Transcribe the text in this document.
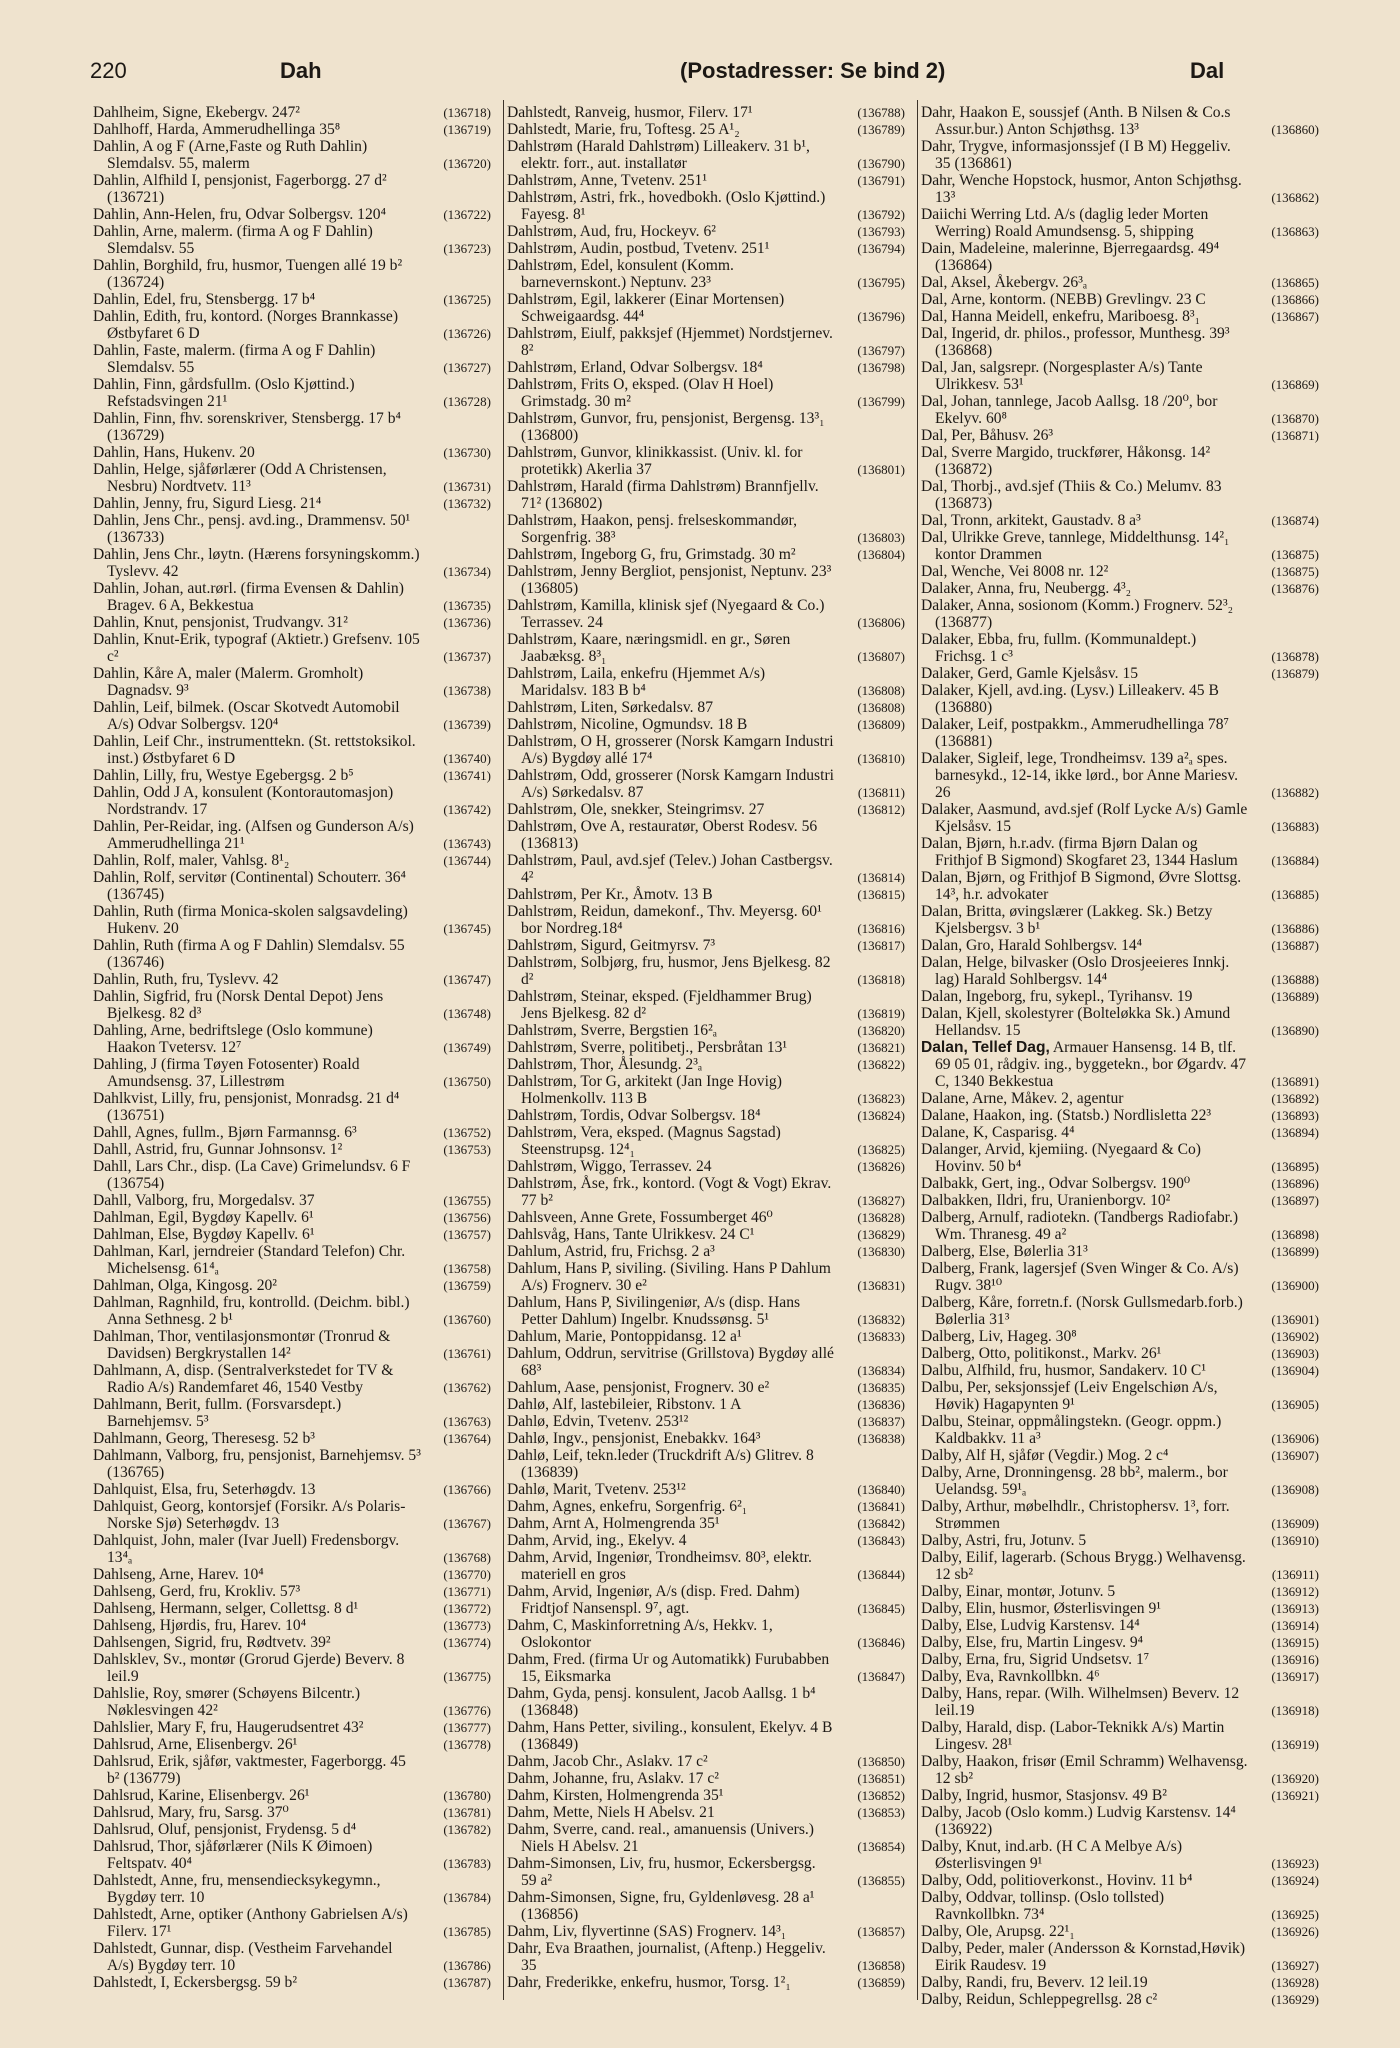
220	Dah	(Postadresser: Se bind 2)	Dal
Dahlheim, Signe, Ekebergv. 247²	(136718)
Dahlhoff, Harda, Ammerudhellinga 35⁸	(136719)
Dahlin, A og F (Arne,Faste og Ruth Dahlin) Slemdalsv. 55, malerm	(136720)
Dahlin, Alfhild I, pensjonist, Fagerborgg. 27 d² (136721)
Dahlin, Ann-Helen, fru, Odvar Solbergsv. 120⁴	(136722)
Dahlin, Arne, malerm. (firma A og F Dahlin) Slemdalsv. 55	(136723)
Dahlin, Borghild, fru, husmor, Tuengen allé 19 b² (136724)
Dahlin, Edel, fru, Stensbergg. 17 b⁴	(136725)
Dahlin, Edith, fru, kontord. (Norges Brannkasse) Østbyfaret 6 D	(136726)
Dahlin, Faste, malerm. (firma A og F Dahlin) Slemdalsv. 55	(136727)
Dahlin, Finn, gårdsfullm. (Oslo Kjøttind.) Refstadsvingen 21¹	(136728)
Dahlin, Finn, fhv. sorenskriver, Stensbergg. 17 b⁴ (136729)
Dahlin, Hans, Hukenv. 20	(136730)
Dahlin, Helge, sjåførlærer (Odd A Christensen, Nesbru) Nordtvetv. 11³	(136731)
Dahlin, Jenny, fru, Sigurd Liesg. 21⁴	(136732)
Dahlin, Jens Chr., pensj. avd.ing., Drammensv. 50¹ (136733)
Dahlin, Jens Chr., løytn. (Hærens forsyningskomm.) Tyslevv. 42	(136734)
Dahlin, Johan, aut.rørl. (firma Evensen & Dahlin) Bragev. 6 A, Bekkestua	(136735)
Dahlin, Knut, pensjonist, Trudvangv. 31²	(136736)
Dahlin, Knut-Erik, typograf (Aktietr.) Grefsenv. 105 c²	(136737)
Dahlin, Kåre A, maler (Malerm. Gromholt) Dagnadsv. 9³	(136738)
Dahlin, Leif, bilmek. (Oscar Skotvedt Automobil A/s) Odvar Solbergsv. 120⁴	(136739)
Dahlin, Leif Chr., instrumenttekn. (St. rettstoksikol. inst.) Østbyfaret 6 D	(136740)
Dahlin, Lilly, fru, Westye Egebergsg. 2 b⁵	(136741)
Dahlin, Odd J A, konsulent (Kontorautomasjon) Nordstrandv. 17	(136742)
Dahlin, Per-Reidar, ing. (Alfsen og Gunderson A/s) Ammerudhellinga 21¹	(136743)
Dahlin, Rolf, maler, Vahlsg. 8¹₂	(136744)
Dahlin, Rolf, servitør (Continental) Schouterr. 36⁴ (136745)
Dahlin, Ruth (firma Monica-skolen salgsavdeling) Hukenv. 20	(136745)
Dahlin, Ruth (firma A og F Dahlin) Slemdalsv. 55 (136746)
Dahlin, Ruth, fru, Tyslevv. 42	(136747)
Dahlin, Sigfrid, fru (Norsk Dental Depot) Jens Bjelkesg. 82 d³	(136748)
Dahling, Arne, bedriftslege (Oslo kommune) Haakon Tvetersv. 12⁷	(136749)
Dahling, J (firma Tøyen Fotosenter) Roald Amundsensg. 37, Lillestrøm	(136750)
Dahlkvist, Lilly, fru, pensjonist, Monradsg. 21 d⁴ (136751)
Dahll, Agnes, fullm., Bjørn Farmannsg. 6³	(136752)
Dahll, Astrid, fru, Gunnar Johnsonsv. 1²	(136753)
Dahll, Lars Chr., disp. (La Cave) Grimelundsv. 6 F (136754)
Dahll, Valborg, fru, Morgedalsv. 37	(136755)
Dahlman, Egil, Bygdøy Kapellv. 6¹	(136756)
Dahlman, Else, Bygdøy Kapellv. 6¹	(136757)
Dahlman, Karl, jerndreier (Standard Telefon) Chr. Michelsensg. 61⁴ₐ	(136758)
Dahlman, Olga, Kingosg. 20²	(136759)
Dahlman, Ragnhild, fru, kontrolld. (Deichm. bibl.) Anna Sethnesg. 2 b¹	(136760)
Dahlman, Thor, ventilasjonsmontør (Tronrud & Davidsen) Bergkrystallen 14²	(136761)
Dahlmann, A, disp. (Sentralverkstedet for TV & Radio A/s) Randemfaret 46, 1540 Vestby	(136762)
Dahlmann, Berit, fullm. (Forsvarsdept.) Barnehjemsv. 5³	(136763)
Dahlmann, Georg, Theresesg. 52 b³	(136764)
Dahlmann, Valborg, fru, pensjonist, Barnehjemsv. 5³ (136765)
Dahlquist, Elsa, fru, Seterhøgdv. 13	(136766)
Dahlquist, Georg, kontorsjef (Forsikr. A/s Polaris-Norske Sjø) Seterhøgdv. 13	(136767)
Dahlquist, John, maler (Ivar Juell) Fredensborgv. 13⁴ₐ	(136768)
Dahlseng, Arne, Harev. 10⁴	(136770)
Dahlseng, Gerd, fru, Krokliv. 57³	(136771)
Dahlseng, Hermann, selger, Collettsg. 8 d¹	(136772)
Dahlseng, Hjørdis, fru, Harev. 10⁴	(136773)
Dahlsengen, Sigrid, fru, Rødtvetv. 39²	(136774)
Dahlsklev, Sv., montør (Grorud Gjerde) Beverv. 8 leil.9	(136775)
Dahlslie, Roy, smører (Schøyens Bilcentr.) Nøklesvingen 42²	(136776)
Dahlslier, Mary F, fru, Haugerudsentret 43²	(136777)
Dahlsrud, Arne, Elisenbergv. 26¹	(136778)
Dahlsrud, Erik, sjåfør, vaktmester, Fagerborgg. 45 b² (136779)
Dahlsrud, Karine, Elisenbergv. 26¹	(136780)
Dahlsrud, Mary, fru, Sarsg. 37⁰	(136781)
Dahlsrud, Oluf, pensjonist, Frydensg. 5 d⁴	(136782)
Dahlsrud, Thor, sjåførlærer (Nils K Øimoen) Feltspatv. 40⁴	(136783)
Dahlstedt, Anne, fru, mensendiecksykegymn., Bygdøy terr. 10	(136784)
Dahlstedt, Arne, optiker (Anthony Gabrielsen A/s) Filerv. 17¹	(136785)
Dahlstedt, Gunnar, disp. (Vestheim Farvehandel A/s) Bygdøy terr. 10	(136786)
Dahlstedt, I, Eckersbergsg. 59 b²	(136787)
Dahlstedt, Ranveig, husmor, Filerv. 17¹	(136788)
Dahlstedt, Marie, fru, Toftesg. 25 A¹₂	(136789)
Dahlstrøm (Harald Dahlstrøm) Lilleakerv. 31 b¹, elektr. forr., aut. installatør	(136790)
Dahlstrøm, Anne, Tvetenv. 251¹	(136791)
Dahlstrøm, Astri, frk., hovedbokh. (Oslo Kjøttind.) Fayesg. 8¹	(136792)
Dahlstrøm, Aud, fru, Hockeyv. 6²	(136793)
Dahlstrøm, Audin, postbud, Tvetenv. 251¹	(136794)
Dahlstrøm, Edel, konsulent (Komm. barnevernskont.) Neptunv. 23³	(136795)
Dahlstrøm, Egil, lakkerer (Einar Mortensen) Schweigaardsg. 44⁴	(136796)
Dahlstrøm, Eiulf, pakksjef (Hjemmet) Nordstjernev. 8²	(136797)
Dahlstrøm, Erland, Odvar Solbergsv. 18⁴	(136798)
Dahlstrøm, Frits O, eksped. (Olav H Hoel) Grimstadg. 30 m²	(136799)
Dahlstrøm, Gunvor, fru, pensjonist, Bergensg. 13³₁ (136800)
Dahlstrøm, Gunvor, klinikkassist. (Univ. kl. for protetikk) Akerlia 37	(136801)
Dahlstrøm, Harald (firma Dahlstrøm) Brannfjellv. 71² (136802)
Dahlstrøm, Haakon, pensj. frelseskommandør, Sorgenfrig. 38³	(136803)
Dahlstrøm, Ingeborg G, fru, Grimstadg. 30 m²	(136804)
Dahlstrøm, Jenny Bergliot, pensjonist, Neptunv. 23³ (136805)
Dahlstrøm, Kamilla, klinisk sjef (Nyegaard & Co.) Terrassev. 24	(136806)
Dahlstrøm, Kaare, næringsmidl. en gr., Søren Jaabæksg. 8³₁	(136807)
Dahlstrøm, Laila, enkefru (Hjemmet A/s) Maridalsv. 183 B b⁴	(136808)
Dahlstrøm, Liten, Sørkedalsv. 87	(136808)
Dahlstrøm, Nicoline, Ogmundsv. 18 B	(136809)
Dahlstrøm, O H, grosserer (Norsk Kamgarn Industri A/s) Bygdøy allé 17⁴	(136810)
Dahlstrøm, Odd, grosserer (Norsk Kamgarn Industri A/s) Sørkedalsv. 87	(136811)
Dahlstrøm, Ole, snekker, Steingrimsv. 27	(136812)
Dahlstrøm, Ove A, restauratør, Oberst Rodesv. 56 (136813)
Dahlstrøm, Paul, avd.sjef (Telev.) Johan Castbergsv. 4²	(136814)
Dahlstrøm, Per Kr., Åmotv. 13 B	(136815)
Dahlstrøm, Reidun, damekonf., Thv. Meyersg. 60¹ bor Nordreg.18⁴	(136816)
Dahlstrøm, Sigurd, Geitmyrsv. 7³	(136817)
Dahlstrøm, Solbjørg, fru, husmor, Jens Bjelkesg. 82 d²	(136818)
Dahlstrøm, Steinar, eksped. (Fjeldhammer Brug) Jens Bjelkesg. 82 d²	(136819)
Dahlstrøm, Sverre, Bergstien 16²ₐ	(136820)
Dahlstrøm, Sverre, politibetj., Persbråtan 13¹	(136821)
Dahlstrøm, Thor, Ålesundg. 2³ₐ	(136822)
Dahlstrøm, Tor G, arkitekt (Jan Inge Hovig) Holmenkollv. 113 B	(136823)
Dahlstrøm, Tordis, Odvar Solbergsv. 18⁴	(136824)
Dahlstrøm, Vera, eksped. (Magnus Sagstad) Steenstrupsg. 12⁴₁	(136825)
Dahlstrøm, Wiggo, Terrassev. 24	(136826)
Dahlstrøm, Åse, frk., kontord. (Vogt & Vogt) Ekrav. 77 b²	(136827)
Dahlsveen, Anne Grete, Fossumberget 46⁰	(136828)
Dahlsvåg, Hans, Tante Ulrikkesv. 24 C¹	(136829)
Dahlum, Astrid, fru, Frichsg. 2 a³	(136830)
Dahlum, Hans P, siviling. (Siviling. Hans P Dahlum A/s) Frognerv. 30 e²	(136831)
Dahlum, Hans P, Sivilingeniør, A/s (disp. Hans Petter Dahlum) Ingelbr. Knudssønsg. 5¹	(136832)
Dahlum, Marie, Pontoppidansg. 12 a¹	(136833)
Dahlum, Oddrun, servitrise (Grillstova) Bygdøy allé 68³	(136834)
Dahlum, Aase, pensjonist, Frognerv. 30 e²	(136835)
Dahlø, Alf, lastebileier, Ribstonv. 1 A	(136836)
Dahlø, Edvin, Tvetenv. 253¹²	(136837)
Dahlø, Ingv., pensjonist, Enebakkv. 164³	(136838)
Dahlø, Leif, tekn.leder (Truckdrift A/s) Glitrev. 8 (136839)
Dahlø, Marit, Tvetenv. 253¹²	(136840)
Dahm, Agnes, enkefru, Sorgenfrig. 6²₁	(136841)
Dahm, Arnt A, Holmengrenda 35¹	(136842)
Dahm, Arvid, ing., Ekelyv. 4	(136843)
Dahm, Arvid, Ingeniør, Trondheimsv. 80³, elektr. materiell en gros	(136844)
Dahm, Arvid, Ingeniør, A/s (disp. Fred. Dahm) Fridtjof Nansenspl. 9⁷, agt.	(136845)
Dahm, C, Maskinforretning A/s, Hekkv. 1, Oslokontor	(136846)
Dahm, Fred. (firma Ur og Automatikk) Furubabben 15, Eiksmarka	(136847)
Dahm, Gyda, pensj. konsulent, Jacob Aallsg. 1 b⁴ (136848)
Dahm, Hans Petter, siviling., konsulent, Ekelyv. 4 B (136849)
Dahm, Jacob Chr., Aslakv. 17 c²	(136850)
Dahm, Johanne, fru, Aslakv. 17 c²	(136851)
Dahm, Kirsten, Holmengrenda 35¹	(136852)
Dahm, Mette, Niels H Abelsv. 21	(136853)
Dahm, Sverre, cand. real., amanuensis (Univers.) Niels H Abelsv. 21	(136854)
Dahm-Simonsen, Liv, fru, husmor, Eckersbergsg. 59 a²	(136855)
Dahm-Simonsen, Signe, fru, Gyldenløvesg. 28 a¹ (136856)
Dahm, Liv, flyvertinne (SAS) Frognerv. 14³₁	(136857)
Dahr, Eva Braathen, journalist, (Aftenp.) Heggeliv. 35	(136858)
Dahr, Frederikke, enkefru, husmor, Torsg. 1²₁	(136859)
Dahr, Haakon E, soussjef (Anth. B Nilsen & Co.s Assur.bur.) Anton Schjøthsg. 13³	(136860)
Dahr, Trygve, informasjonssjef (I B M) Heggeliv. 35 (136861)
Dahr, Wenche Hopstock, husmor, Anton Schjøthsg. 13³	(136862)
Daiichi Werring Ltd. A/s (daglig leder Morten Werring) Roald Amundsensg. 5, shipping	(136863)
Dain, Madeleine, malerinne, Bjerregaardsg. 49⁴ (136864)
Dal, Aksel, Åkebergv. 26³ₐ	(136865)
Dal, Arne, kontorm. (NEBB) Grevlingv. 23 C	(136866)
Dal, Hanna Meidell, enkefru, Mariboesg. 8³₁	(136867)
Dal, Ingerid, dr. philos., professor, Munthesg. 39³ (136868)
Dal, Jan, salgsrepr. (Norgesplaster A/s) Tante Ulrikkesv. 53¹	(136869)
Dal, Johan, tannlege, Jacob Aallsg. 18 /20⁰, bor Ekelyv. 60⁸	(136870)
Dal, Per, Båhusv. 26³	(136871)
Dal, Sverre Margido, truckfører, Håkonsg. 14² (136872)
Dal, Thorbj., avd.sjef (Thiis & Co.) Melumv. 83 (136873)
Dal, Tronn, arkitekt, Gaustadv. 8 a³	(136874)
Dal, Ulrikke Greve, tannlege, Middelthunsg. 14²₁ kontor Drammen	(136875)
Dal, Wenche, Vei 8008 nr. 12²	(136875)
Dalaker, Anna, fru, Neubergg. 4³₂	(136876)
Dalaker, Anna, sosionom (Komm.) Frognerv. 52³₂ (136877)
Dalaker, Ebba, fru, fullm. (Kommunaldept.) Frichsg. 1 c³	(136878)
Dalaker, Gerd, Gamle Kjelsåsv. 15	(136879)
Dalaker, Kjell, avd.ing. (Lysv.) Lilleakerv. 45 B (136880)
Dalaker, Leif, postpakkm., Ammerudhellinga 78⁷ (136881)
Dalaker, Sigleif, lege, Trondheimsv. 139 a²ₐ spes. barnesykd., 12-14, ikke lørd., bor Anne Mariesv. 26	(136882)
Dalaker, Aasmund, avd.sjef (Rolf Lycke A/s) Gamle Kjelsåsv. 15	(136883)
Dalan, Bjørn, h.r.adv. (firma Bjørn Dalan og Frithjof B Sigmond) Skogfaret 23, 1344 Haslum	(136884)
Dalan, Bjørn, og Frithjof B Sigmond, Øvre Slottsg. 14³, h.r. advokater	(136885)
Dalan, Britta, øvingslærer (Lakkeg. Sk.) Betzy Kjelsbergsv. 3 b¹	(136886)
Dalan, Gro, Harald Sohlbergsv. 14⁴	(136887)
Dalan, Helge, bilvasker (Oslo Drosjeeieres Innkj. lag) Harald Sohlbergsv. 14⁴	(136888)
Dalan, Ingeborg, fru, sykepl., Tyrihansv. 19	(136889)
Dalan, Kjell, skolestyrer (Bolteløkka Sk.) Amund Hellandsv. 15	(136890)
Dalan, Tellef Dag, Armauer Hansensg. 14 B, tlf. 69 05 01, rådgiv. ing., byggetekn., bor Øgardv. 47 C, 1340 Bekkestua	(136891)
Dalane, Arne, Måkev. 2, agentur	(136892)
Dalane, Haakon, ing. (Statsb.) Nordlisletta 22³	(136893)
Dalane, K, Casparisg. 4⁴	(136894)
Dalanger, Arvid, kjemiing. (Nyegaard & Co) Hovinv. 50 b⁴	(136895)
Dalbakk, Gert, ing., Odvar Solbergsv. 190⁰	(136896)
Dalbakken, Ildri, fru, Uranienborgv. 10²	(136897)
Dalberg, Arnulf, radiotekn. (Tandbergs Radiofabr.) Wm. Thranesg. 49 a²	(136898)
Dalberg, Else, Bølerlia 31³	(136899)
Dalberg, Frank, lagersjef (Sven Winger & Co. A/s) Rugv. 38¹⁰	(136900)
Dalberg, Kåre, forretn.f. (Norsk Gullsmedarb.forb.) Bølerlia 31³	(136901)
Dalberg, Liv, Hageg. 30⁸	(136902)
Dalberg, Otto, politikonst., Markv. 26¹	(136903)
Dalbu, Alfhild, fru, husmor, Sandakerv. 10 C¹	(136904)
Dalbu, Per, seksjonssjef (Leiv Engelschiøn A/s, Høvik) Hagapynten 9¹	(136905)
Dalbu, Steinar, oppmålingstekn. (Geogr. oppm.) Kaldbakkv. 11 a³	(136906)
Dalby, Alf H, sjåfør (Vegdir.) Mog. 2 c⁴	(136907)
Dalby, Arne, Dronningensg. 28 bb², malerm., bor Uelandsg. 59¹ₐ	(136908)
Dalby, Arthur, møbelhdlr., Christophersv. 1³, forr. Strømmen	(136909)
Dalby, Astri, fru, Jotunv. 5	(136910)
Dalby, Eilif, lagerarb. (Schous Brygg.) Welhavensg. 12 sb²	(136911)
Dalby, Einar, montør, Jotunv. 5	(136912)
Dalby, Elin, husmor, Østerlisvingen 9¹	(136913)
Dalby, Else, Ludvig Karstensv. 14⁴	(136914)
Dalby, Else, fru, Martin Lingesv. 9⁴	(136915)
Dalby, Erna, fru, Sigrid Undsetsv. 1⁷	(136916)
Dalby, Eva, Ravnkollbkn. 4⁶	(136917)
Dalby, Hans, repar. (Wilh. Wilhelmsen) Beverv. 12 leil.19	(136918)
Dalby, Harald, disp. (Labor-Teknikk A/s) Martin Lingesv. 28¹	(136919)
Dalby, Haakon, frisør (Emil Schramm) Welhavensg. 12 sb²	(136920)
Dalby, Ingrid, husmor, Stasjonsv. 49 B²	(136921)
Dalby, Jacob (Oslo komm.) Ludvig Karstensv. 14⁴ (136922)
Dalby, Knut, ind.arb. (H C A Melbye A/s) Østerlisvingen 9¹	(136923)
Dalby, Odd, politioverkonst., Hovinv. 11 b⁴	(136924)
Dalby, Oddvar, tollinsp. (Oslo tollsted) Ravnkollbkn. 73⁴	(136925)
Dalby, Ole, Arupsg. 22¹₁	(136926)
Dalby, Peder, maler (Andersson & Kornstad,Høvik) Eirik Raudesv. 19	(136927)
Dalby, Randi, fru, Beverv. 12 leil.19	(136928)
Dalby, Reidun, Schleppegrellsg. 28 c²	(136929)
